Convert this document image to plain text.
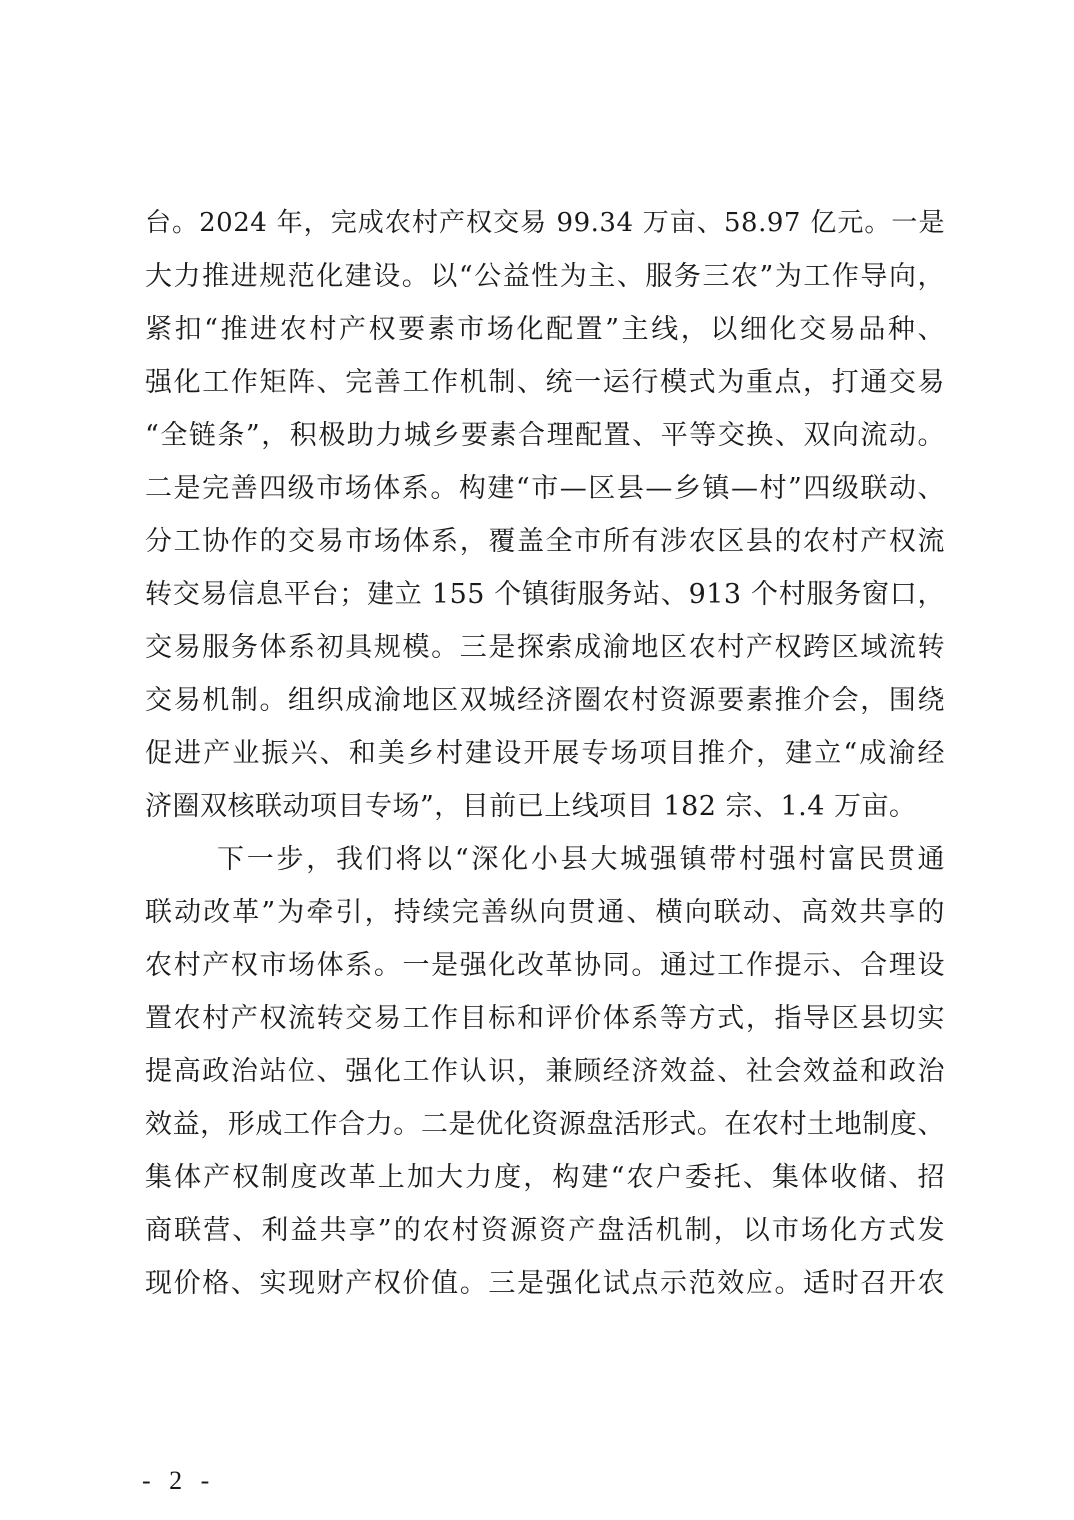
台。2024 年，完成农村产权交易 99.34 万亩、58.97 亿元。一是
大力推进规范化建设。以“公益性为主、服务三农”为工作导向，
紧扣“推进农村产权要素市场化配置”主线，以细化交易品种、
强化工作矩阵、完善工作机制、统一运行模式为重点，打通交易
“全链条”，积极助力城乡要素合理配置、平等交换、双向流动。
二是完善四级市场体系。构建“市—区县—乡镇—村”四级联动、
分工协作的交易市场体系，覆盖全市所有涉农区县的农村产权流
转交易信息平台；建立 155 个镇街服务站、913 个村服务窗口，
交易服务体系初具规模。三是探索成渝地区农村产权跨区域流转
交易机制。组织成渝地区双城经济圈农村资源要素推介会，围绕
促进产业振兴、和美乡村建设开展专场项目推介，建立“成渝经
济圈双核联动项目专场”，目前已上线项目 182 宗、1.4 万亩。
下一步，我们将以“深化小县大城强镇带村强村富民贯通
联动改革”为牵引，持续完善纵向贯通、横向联动、高效共享的
农村产权市场体系。一是强化改革协同。通过工作提示、合理设
置农村产权流转交易工作目标和评价体系等方式，指导区县切实
提高政治站位、强化工作认识，兼顾经济效益、社会效益和政治
效益，形成工作合力。二是优化资源盘活形式。在农村土地制度、
集体产权制度改革上加大力度，构建“农户委托、集体收储、招
商联营、利益共享”的农村资源资产盘活机制，以市场化方式发
现价格、实现财产权价值。三是强化试点示范效应。适时召开农
- 2 -
